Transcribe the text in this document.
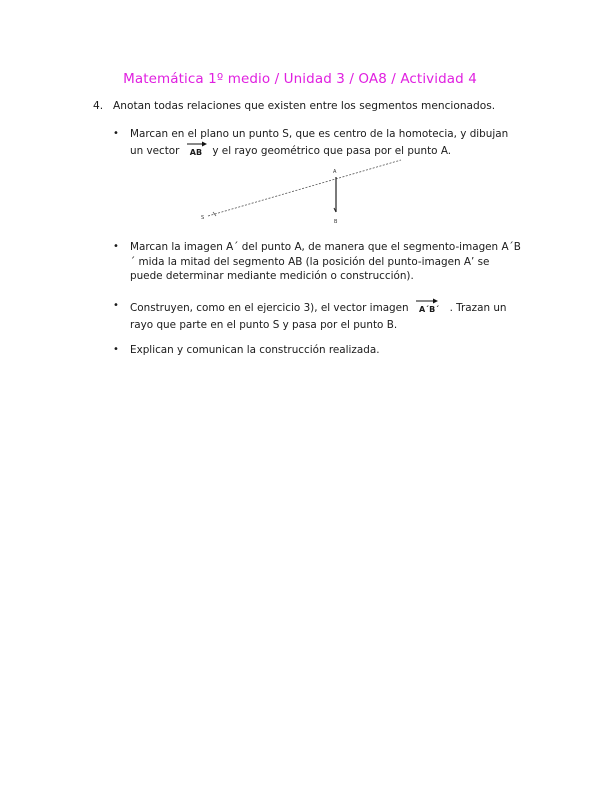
Matemática 1º medio / Unidad 3 / OA8 / Actividad 4
4. Anotan todas relaciones que existen entre los segmentos mencionados.
• Marcan en el plano un punto S, que es centro de la homotecia, y dibujan un vector AB y el rayo geométrico que pasa por el punto A.
S
A
B
• Marcan la imagen A´ del punto A, de manera que el segmento-imagen A´B´ mida la mitad del segmento AB (la posición del punto-imagen A’ se puede determinar mediante medición o construcción).
• Construyen, como en el ejercicio 3), el vector imagen A´B´ . Trazan un rayo que parte en el punto S y pasa por el punto B.
• Explican y comunican la construcción realizada.
